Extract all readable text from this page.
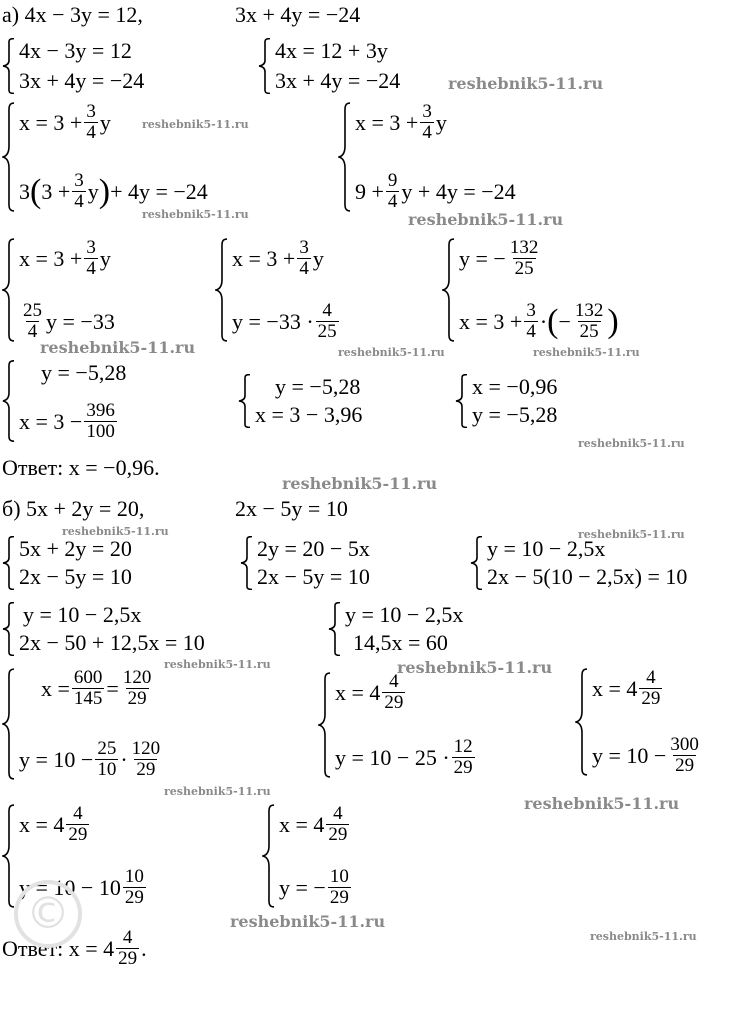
а) 4x − 3y = 12,	3x + 4y = −24
4x − 3y = 12
3x + 4y = −24
4x = 12 + 3y
3x + 4y = −24
$x = 3 + \frac{3}{4}$ y
3 ( $3 + \frac{3}{4}$ y ) + 4y = −24
$x = 3 + \frac{3}{4}$ y
$9 + \frac{9}{4}$ y + 4y = −24
$x = 3 + \frac{3}{4}$ y
$\frac{25}{4}$ y = −33
$x = 3 + \frac{3}{4}$ y
$y = -33 \cdot \frac{4}{25}$
y = − $\frac{132}{25}$
$x = 3 + \frac{3}{4}$ · ( − $\frac{132}{25}$ )
y = −5,28
$x = 3 - \frac{396}{100}$
y = −5,28
x = 3 − 3,96
x = −0,96
y = −5,28
Ответ: x = −0,96.
б) 5x + 2y = 20,	2x − 5y = 10
5x + 2y = 20
2x − 5y = 10
2y = 20 − 5x
2x − 5y = 10
y = 10 − 2,5x
2x − 5(10 − 2,5x) = 10
y = 10 − 2,5x
2x − 50 + 12,5x = 10
y = 10 − 2,5x
14,5x = 60
$x = \frac{600}{145} = \frac{120}{29}$
$y = 10 - \frac{25}{10} \cdot \frac{120}{29}$
$x = 4 \frac{4}{29}$
$y = 10 - 25 \cdot \frac{12}{29}$
$x = 4 \frac{4}{29}$
$y = 10 - \frac{300}{29}$
$x = 4 \frac{4}{29}$
$y = 10 - 10 \frac{10}{29}$
$x = 4 \frac{4}{29}$
y = − $\frac{10}{29}$
Ответ: $x = 4 \frac{4}{29}$ .
©
reshebnik5-11.ru
reshebnik5-11.ru
reshebnik5-11.ru	reshebnik5-11.ru
reshebnik5-11.ru	reshebnik5-11.ru	reshebnik5-11.ru
reshebnik5-11.ru
reshebnik5-11.ru
reshebnik5-11.ru	reshebnik5-11.ru
reshebnik5-11.ru	reshebnik5-11.ru
reshebnik5-11.ru
reshebnik5-11.ru
reshebnik5-11.ru
reshebnik5-11.ru
